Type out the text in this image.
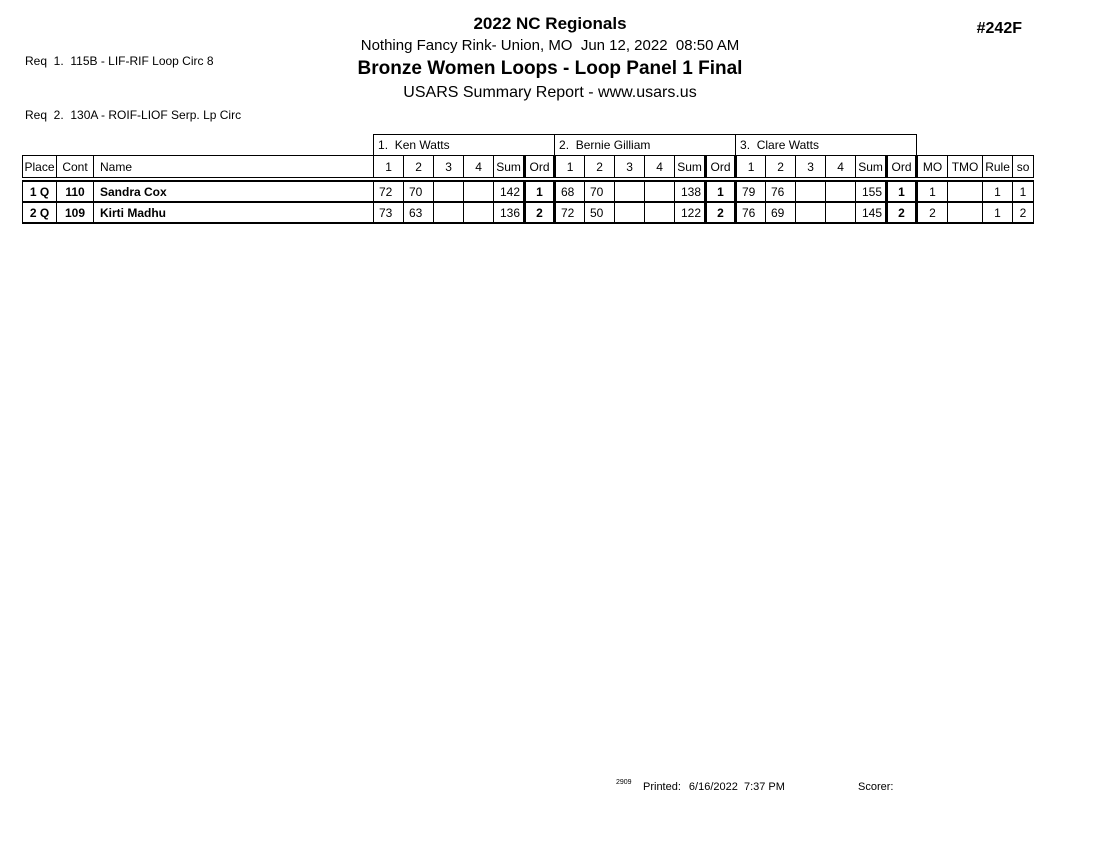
Req  1.  115B - LIF-RIF Loop Circ 8

Req  2.  130A - ROIF-LIOF Serp. Lp Circ

2022 NC Regionals
Nothing Fancy Rink- Union, MO  Jun 12, 2022  08:50 AM
Bronze Women Loops - Loop Panel 1 Final
USARS Summary Report - www.usars.us
#242F
			1.  Ken Watts						2.  Bernie Gilliam						3.  Clare Watts									
Place	Cont	Name	1	2	3	4	Sum	Ord	1	2	3	4	Sum	Ord	1	2	3	4	Sum	Ord	MO	TMO	Rule	so
1 Q	110	Sandra Cox	72	70			142	1	68	70			138	1	79	76			155	1	1		1	1
2 Q	109	Kirti Madhu	73	63			136	2	72	50			122	2	76	69			145	2	2		1	2
2909 Printed: 6/16/2022  7:37 PM	Scorer:
